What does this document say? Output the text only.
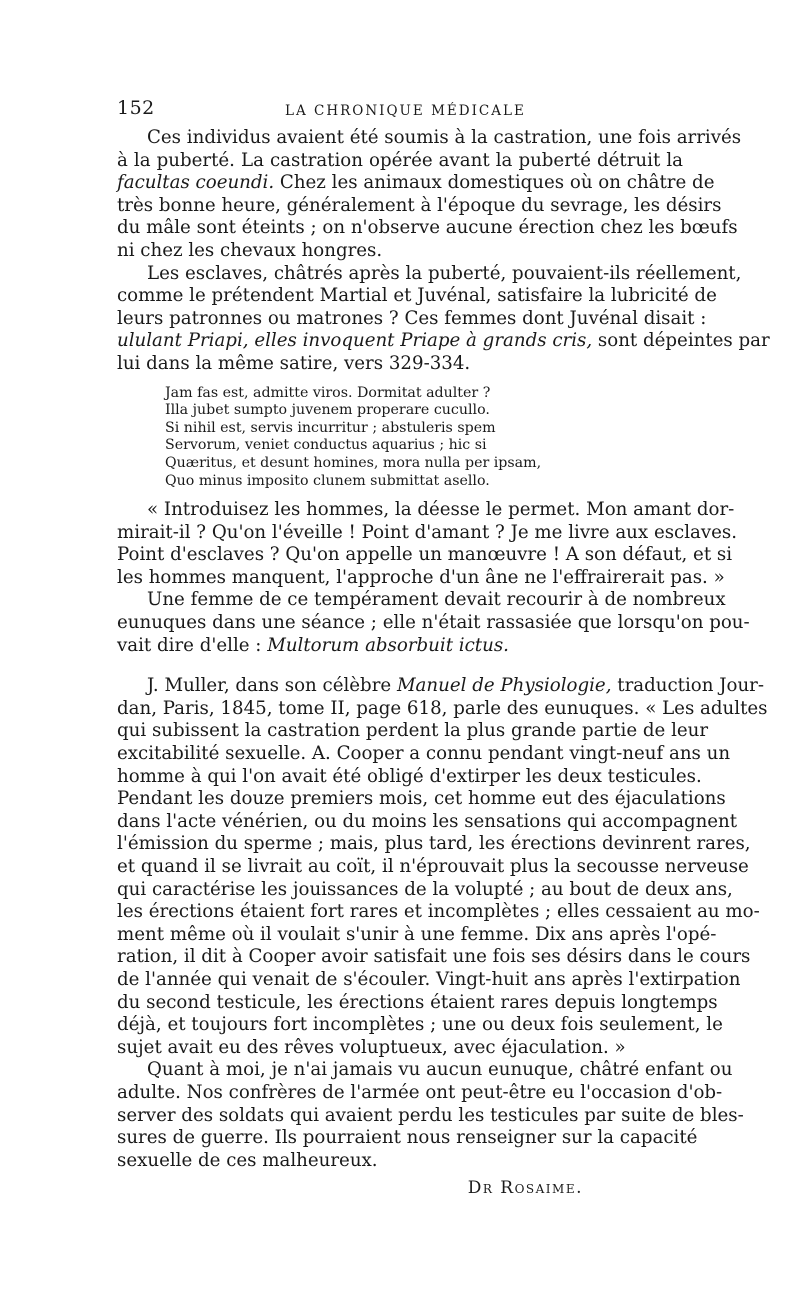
152	LA CHRONIQUE MÉDICALE

Ces individus avaient été soumis à la castration, une fois arrivés
à la puberté. La castration opérée avant la puberté détruit la
facultas coeundi. Chez les animaux domestiques où on châtre de
très bonne heure, généralement à l'époque du sevrage, les désirs
du mâle sont éteints ; on n'observe aucune érection chez les bœufs
ni chez les chevaux hongres.

Les esclaves, châtrés après la puberté, pouvaient-ils réellement,
comme le prétendent Martial et Juvénal, satisfaire la lubricité de
leurs patronnes ou matrones ? Ces femmes dont Juvénal disait :
ululant Priapi, elles invoquent Priape à grands cris, sont dépeintes par
lui dans la même satire, vers 329-334.

Jam fas est, admitte viros. Dormitat adulter ?
Illa jubet sumpto juvenem properare cucullo.
Si nihil est, servis incurritur ; abstuleris spem
Servorum, veniet conductus aquarius ; hic si
Quæritus, et desunt homines, mora nulla per ipsam,
Quo minus imposito clunem submittat asello.

« Introduisez les hommes, la déesse le permet. Mon amant dor-
mirait-il ? Qu'on l'éveille ! Point d'amant ? Je me livre aux esclaves.
Point d'esclaves ? Qu'on appelle un manœuvre ! A son défaut, et si
les hommes manquent, l'approche d'un âne ne l'effrairerait pas. »

Une femme de ce tempérament devait recourir à de nombreux
eunuques dans une séance ; elle n'était rassasiée que lorsqu'on pou-
vait dire d'elle : Multorum absorbuit ictus.

J. Muller, dans son célèbre Manuel de Physiologie, traduction Jour-
dan, Paris, 1845, tome II, page 618, parle des eunuques. « Les adultes
qui subissent la castration perdent la plus grande partie de leur
excitabilité sexuelle. A. Cooper a connu pendant vingt-neuf ans un
homme à qui l'on avait été obligé d'extirper les deux testicules.
Pendant les douze premiers mois, cet homme eut des éjaculations
dans l'acte vénérien, ou du moins les sensations qui accompagnent
l'émission du sperme ; mais, plus tard, les érections devinrent rares,
et quand il se livrait au coït, il n'éprouvait plus la secousse nerveuse
qui caractérise les jouissances de la volupté ; au bout de deux ans,
les érections étaient fort rares et incomplètes ; elles cessaient au mo-
ment même où il voulait s'unir à une femme. Dix ans après l'opé-
ration, il dit à Cooper avoir satisfait une fois ses désirs dans le cours
de l'année qui venait de s'écouler. Vingt-huit ans après l'extirpation
du second testicule, les érections étaient rares depuis longtemps
déjà, et toujours fort incomplètes ; une ou deux fois seulement, le
sujet avait eu des rêves voluptueux, avec éjaculation. »

Quant à moi, je n'ai jamais vu aucun eunuque, châtré enfant ou
adulte. Nos confrères de l'armée ont peut-être eu l'occasion d'ob-
server des soldats qui avaient perdu les testicules par suite de bles-
sures de guerre. Ils pourraient nous renseigner sur la capacité
sexuelle de ces malheureux.

Dr Rosaime.
